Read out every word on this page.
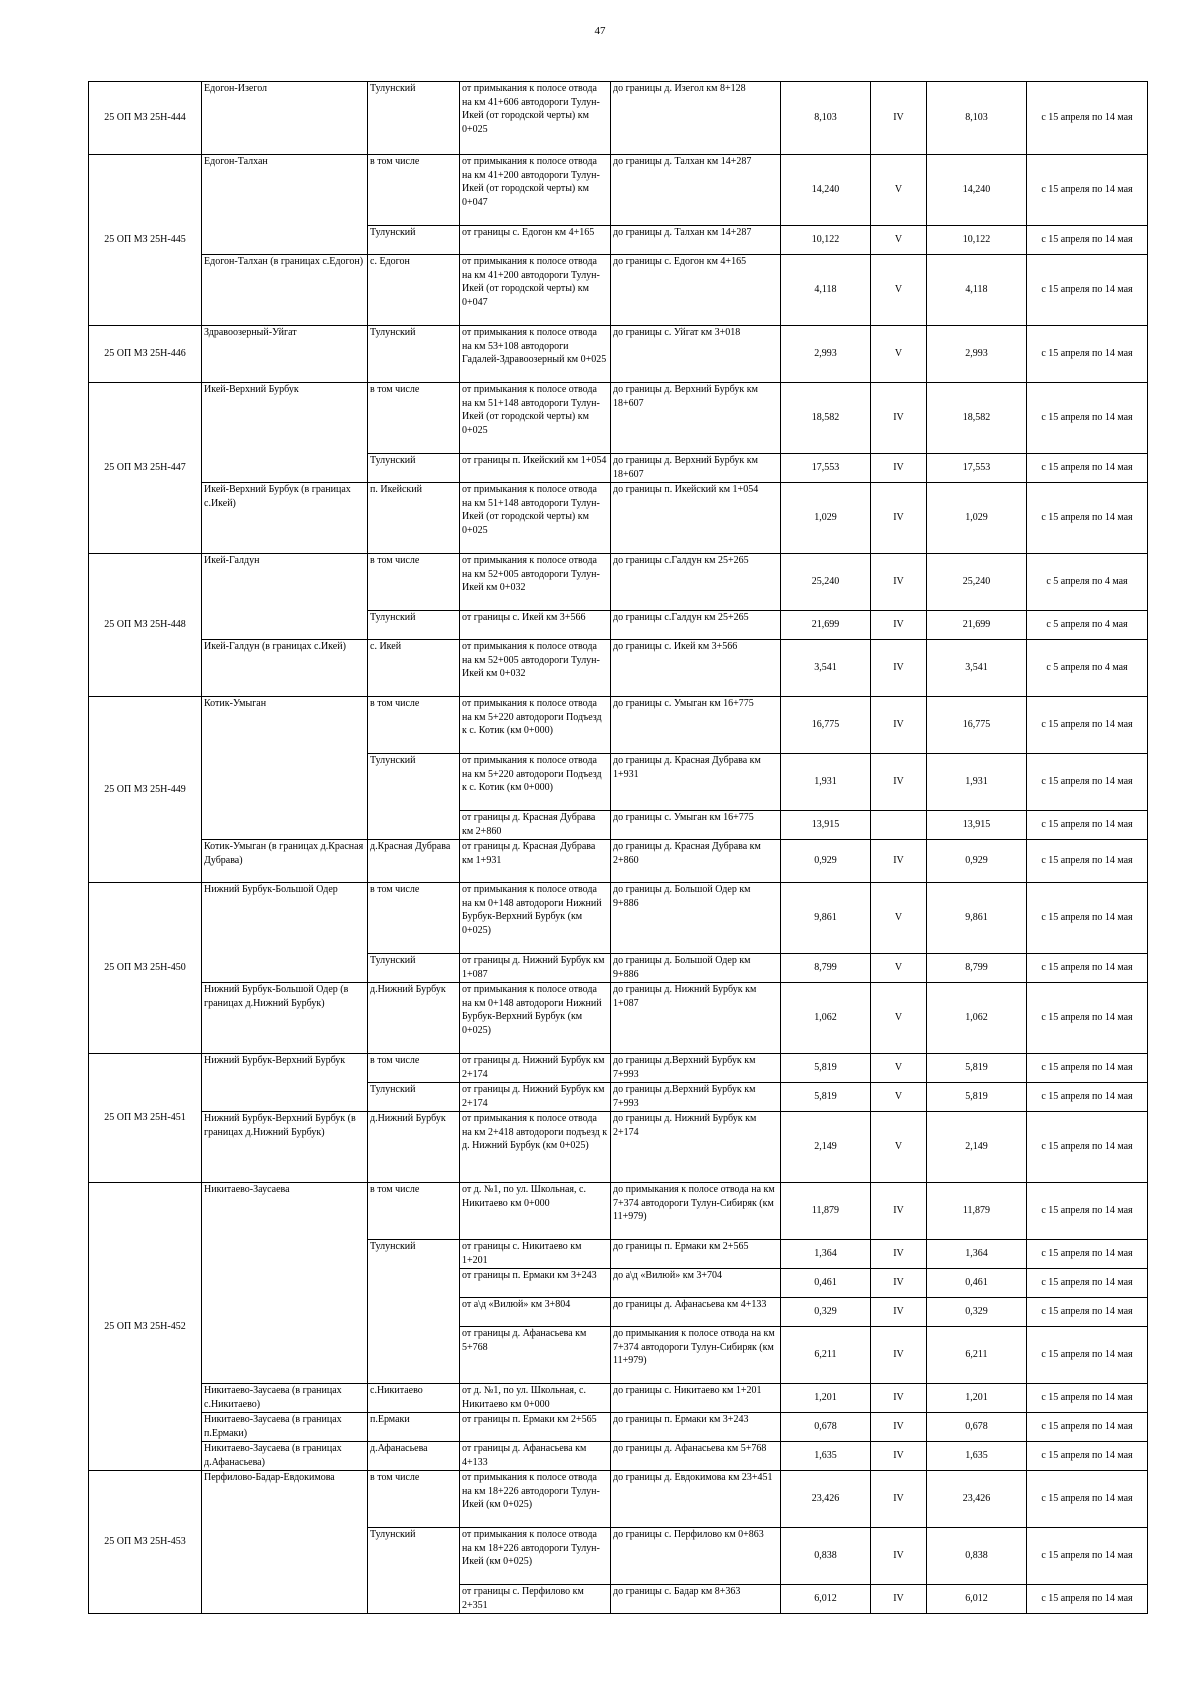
47
25 ОП МЗ 25Н-444	Едогон-Изегол	Тулунский	от примыкания к полосе отвода на км 41+606 автодороги Тулун-Икей (от городской черты) км 0+025	до границы д. Изегол км 8+128	8,103	IV	8,103	с 15 апреля по 14 мая
25 ОП МЗ 25Н-445	Едогон-Талхан	в том числе	от примыкания к полосе отвода на км 41+200 автодороги Тулун-Икей (от городской черты) км 0+047	до границы д. Талхан км 14+287	14,240	V	14,240	с 15 апреля по 14 мая
		Тулунский	от границы с. Едогон км 4+165	до границы д. Талхан км 14+287	10,122	V	10,122	с 15 апреля по 14 мая
	Едогон-Талхан (в границах с.Едогон)	с. Едогон	от примыкания к полосе отвода на км 41+200 автодороги Тулун-Икей (от городской черты) км 0+047	до границы с. Едогон км 4+165	4,118	V	4,118	с 15 апреля по 14 мая
25 ОП МЗ 25Н-446	Здравоозерный-Уйгат	Тулунский	от примыкания к полосе отвода на км 53+108 автодороги Гадалей-Здравоозерный км 0+025	до границы с. Уйгат км 3+018	2,993	V	2,993	с 15 апреля по 14 мая
25 ОП МЗ 25Н-447	Икей-Верхний Бурбук	в том числе	от примыкания к полосе отвода на км 51+148 автодороги Тулун-Икей (от городской черты) км 0+025	до границы д. Верхний Бурбук км 18+607	18,582	IV	18,582	с 15 апреля по 14 мая
		Тулунский	от границы п. Икейский км 1+054	до границы д. Верхний Бурбук км 18+607	17,553	IV	17,553	с 15 апреля по 14 мая
	Икей-Верхний Бурбук (в границах с.Икей)	п. Икейский	от примыкания к полосе отвода на км 51+148 автодороги Тулун-Икей (от городской черты) км 0+025	до границы п. Икейский км 1+054	1,029	IV	1,029	с 15 апреля по 14 мая
25 ОП МЗ 25Н-448	Икей-Галдун	в том числе	от примыкания к полосе отвода на км 52+005 автодороги Тулун-Икей км 0+032	до границы с.Галдун км 25+265	25,240	IV	25,240	с 5 апреля по 4 мая
		Тулунский	от границы с. Икей км 3+566	до границы с.Галдун км 25+265	21,699	IV	21,699	с 5 апреля по 4 мая
	Икей-Галдун (в границах с.Икей)	с. Икей	от примыкания к полосе отвода на км 52+005 автодороги Тулун-Икей км 0+032	до границы с. Икей км 3+566	3,541	IV	3,541	с 5 апреля по 4 мая
25 ОП МЗ 25Н-449	Котик-Умыган	в том числе	от примыкания к полосе отвода на км 5+220 автодороги Подъезд к с. Котик (км 0+000)	до границы с. Умыган км 16+775	16,775	IV	16,775	с 15 апреля по 14 мая
		Тулунский	от примыкания к полосе отвода на км 5+220 автодороги Подъезд к с. Котик (км 0+000)	до границы д. Красная Дубрава км 1+931	1,931	IV	1,931	с 15 апреля по 14 мая
			от границы д. Красная Дубрава км 2+860	до границы с. Умыган км 16+775	13,915		13,915	с 15 апреля по 14 мая
	Котик-Умыган (в границах д.Красная Дубрава)	д.Красная Дубрава	от границы д. Красная Дубрава км 1+931	до границы д. Красная Дубрава км 2+860	0,929	IV	0,929	с 15 апреля по 14 мая
25 ОП МЗ 25Н-450	Нижний Бурбук-Большой Одер	в том числе	от примыкания к полосе отвода на км 0+148 автодороги Нижний Бурбук-Верхний Бурбук (км 0+025)	до границы д. Большой Одер км 9+886	9,861	V	9,861	с 15 апреля по 14 мая
		Тулунский	от границы д. Нижний Бурбук км 1+087	до границы д. Большой Одер км 9+886	8,799	V	8,799	с 15 апреля по 14 мая
	Нижний Бурбук-Большой Одер (в границах д.Нижний Бурбук)	д.Нижний Бурбук	от примыкания к полосе отвода на км 0+148 автодороги Нижний Бурбук-Верхний Бурбук (км 0+025)	до границы д. Нижний Бурбук км 1+087	1,062	V	1,062	с 15 апреля по 14 мая
25 ОП МЗ 25Н-451	Нижний Бурбук-Верхний Бурбук	в том числе	от границы д. Нижний Бурбук км 2+174	до границы д.Верхний Бурбук км 7+993	5,819	V	5,819	с 15 апреля по 14 мая
		Тулунский	от границы д. Нижний Бурбук км 2+174	до границы д.Верхний Бурбук км 7+993	5,819	V	5,819	с 15 апреля по 14 мая
	Нижний Бурбук-Верхний Бурбук (в границах д.Нижний Бурбук)	д.Нижний Бурбук	от примыкания к полосе отвода на км 2+418 автодороги подъезд к д. Нижний Бурбук (км 0+025)	до границы д. Нижний Бурбук км 2+174	2,149	V	2,149	с 15 апреля по 14 мая
25 ОП МЗ 25Н-452	Никитаево-Заусаева	в том числе	от д. №1, по ул. Школьная, с. Никитаево км 0+000	до примыкания к полосе отвода на км 7+374 автодороги Тулун-Сибиряк (км 11+979)	11,879	IV	11,879	с 15 апреля по 14 мая
		Тулунский	от границы с. Никитаево км 1+201	до границы п. Ермаки км 2+565	1,364	IV	1,364	с 15 апреля по 14 мая
			от границы п. Ермаки км 3+243	до а\д «Вилюй» км 3+704	0,461	IV	0,461	с 15 апреля по 14 мая
			от а\д «Вилюй» км 3+804	до границы д. Афанасьева км 4+133	0,329	IV	0,329	с 15 апреля по 14 мая
			от границы д. Афанасьева км 5+768	до примыкания к полосе отвода на км 7+374 автодороги Тулун-Сибиряк (км 11+979)	6,211	IV	6,211	с 15 апреля по 14 мая
	Никитаево-Заусаева (в границах с.Никитаево)	с.Никитаево	от д. №1, по ул. Школьная, с. Никитаево км 0+000	до границы с. Никитаево км 1+201	1,201	IV	1,201	с 15 апреля по 14 мая
	Никитаево-Заусаева (в границах п.Ермаки)	п.Ермаки	от границы п. Ермаки км 2+565	до границы п. Ермаки км 3+243	0,678	IV	0,678	с 15 апреля по 14 мая
	Никитаево-Заусаева (в границах д.Афанасьева)	д.Афанасьева	от границы д. Афанасьева км 4+133	до границы д. Афанасьева км 5+768	1,635	IV	1,635	с 15 апреля по 14 мая
25 ОП МЗ 25Н-453	Перфилово-Бадар-Евдокимова	в том числе	от примыкания к полосе отвода на км 18+226 автодороги Тулун-Икей (км 0+025)	до границы д. Евдокимова км 23+451	23,426	IV	23,426	с 15 апреля по 14 мая
		Тулунский	от примыкания к полосе отвода на км 18+226 автодороги Тулун-Икей (км 0+025)	до границы с. Перфилово км 0+863	0,838	IV	0,838	с 15 апреля по 14 мая
			от границы с. Перфилово км 2+351	до границы с. Бадар км 8+363	6,012	IV	6,012	с 15 апреля по 14 мая
